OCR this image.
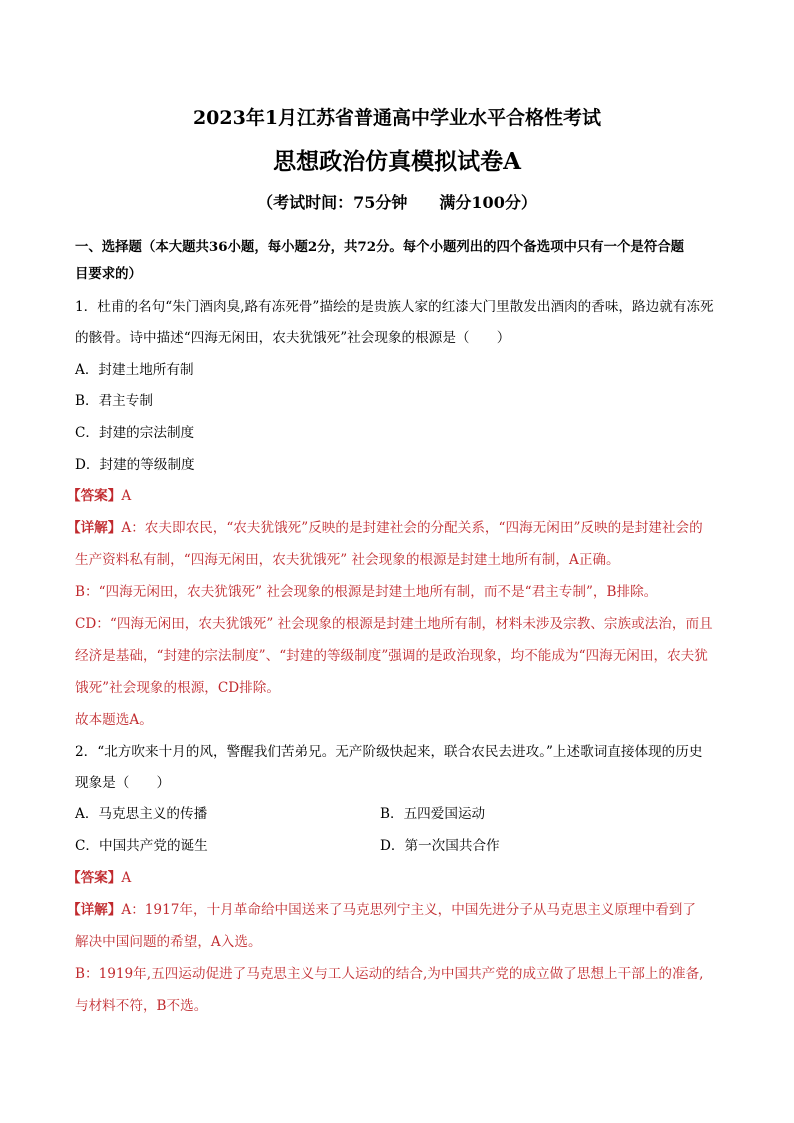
2023年1月江苏省普通高中学业水平合格性考试
思想政治仿真模拟试卷A
（考试时间：75分钟　　满分100分）
一、选择题（本大题共36小题，每小题2分，共72分。每个小题列出的四个备选项中只有一个是符合题
目要求的）
1．杜甫的名句“朱门酒肉臭,路有冻死骨”描绘的是贵族人家的红漆大门里散发出酒肉的香味，路边就有冻死
的骸骨。诗中描述“四海无闲田，农夫犹饿死”社会现象的根源是（　　）
A．封建土地所有制
B．君主专制
C．封建的宗法制度
D．封建的等级制度
【答案】A
【详解】A：农夫即农民，“农夫犹饿死”反映的是封建社会的分配关系，“四海无闲田”反映的是封建社会的
生产资料私有制，“四海无闲田，农夫犹饿死” 社会现象的根源是封建土地所有制，A正确。
B：“四海无闲田，农夫犹饿死” 社会现象的根源是封建土地所有制，而不是“君主专制”，B排除。
CD：“四海无闲田，农夫犹饿死” 社会现象的根源是封建土地所有制，材料未涉及宗教、宗族或法治，而且
经济是基础，“封建的宗法制度”、“封建的等级制度”强调的是政治现象，均不能成为“四海无闲田，农夫犹
饿死”社会现象的根源，CD排除。
故本题选A。
2．“北方吹来十月的风，警醒我们苦弟兄。无产阶级快起来，联合农民去进攻。”上述歌词直接体现的历史
现象是（　　）
A．马克思主义的传播	B．五四爱国运动
C．中国共产党的诞生	D．第一次国共合作
【答案】A
【详解】A：1917年，十月革命给中国送来了马克思列宁主义，中国先进分子从马克思主义原理中看到了
解决中国问题的希望，A入选。
B：1919年,五四运动促进了马克思主义与工人运动的结合,为中国共产党的成立做了思想上干部上的准备,
与材料不符，B不选。
